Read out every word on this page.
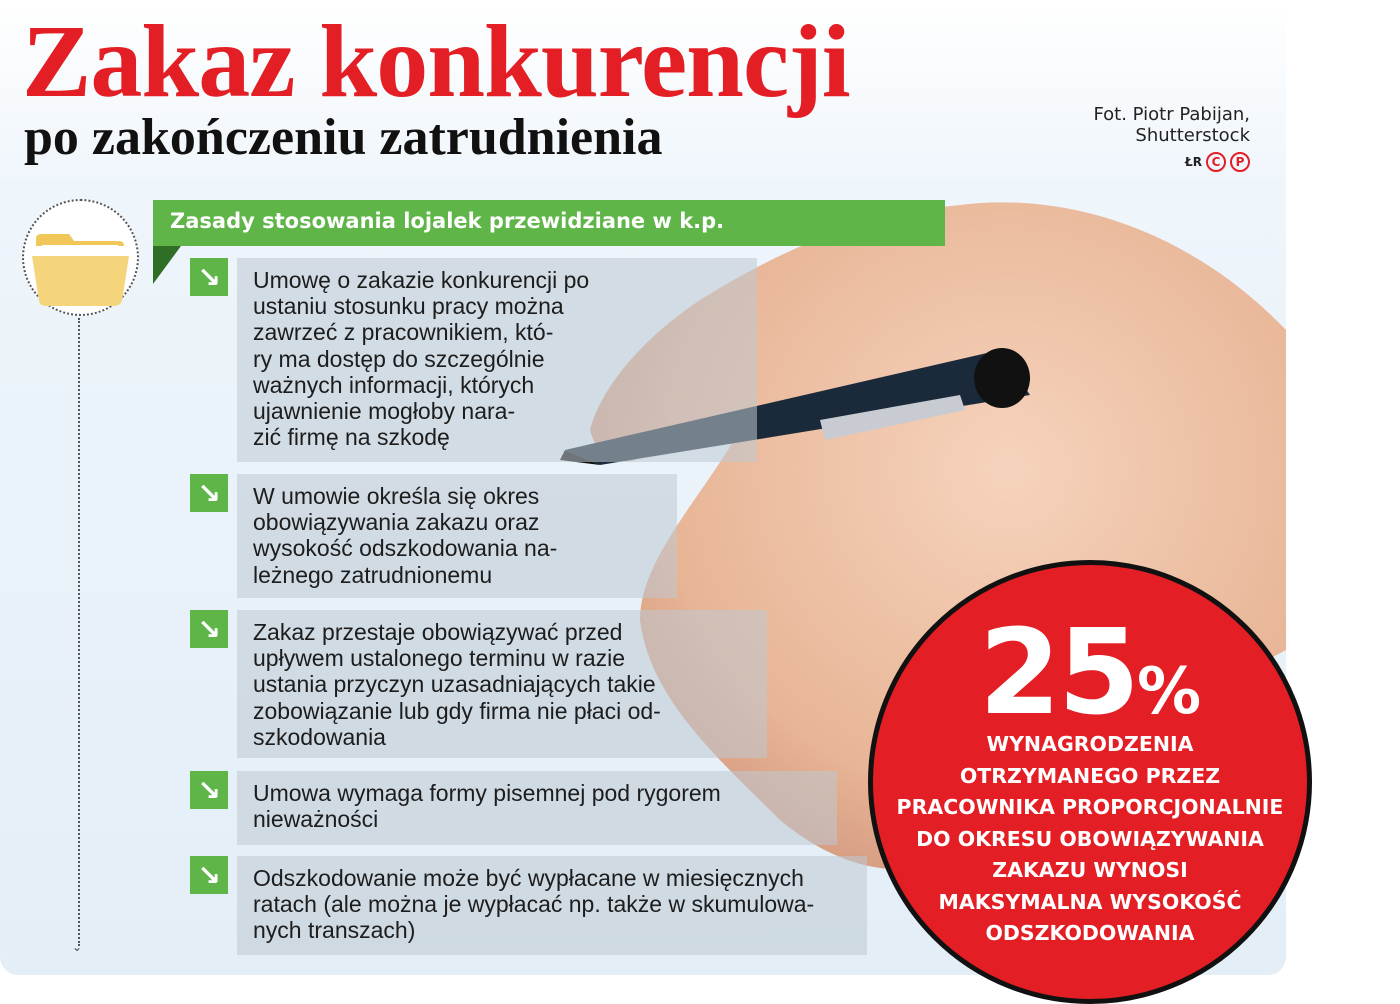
Zakaz konkurencji
po zakończeniu zatrudnienia	Fot. Piotr Pabijan,
Shutterstock
ŁR C	P
⌄
Zasady stosowania lojalek przewidziane w k.p.
↘	Umowę o zakazie konkurencji po
ustaniu stosunku pracy można
zawrzeć z pracownikiem, któ-
ry ma dostęp do szczególnie
ważnych informacji, których
ujawnienie mogłoby nara-
zić firmę na szkodę
↘	W umowie określa się okres
obowiązywania zakazu oraz
wysokość odszkodowania na-
leżnego zatrudnionemu
↘	Zakaz przestaje obowiązywać przed
upływem ustalonego terminu w razie
ustania przyczyn uzasadniających takie
zobowiązanie lub gdy firma nie płaci od-
szkodowania
↘	Umowa wymaga formy pisemnej pod rygorem
nieważności
↘	Odszkodowanie może być wypłacane w miesięcznych
ratach (ale można je wypłacać np. także w skumulowa-
nych transzach)
25%
WYNAGRODZENIA
OTRZYMANEGO PRZEZ
PRACOWNIKA PROPORCJONALNIE
DO OKRESU OBOWIĄZYWANIA
ZAKAZU WYNOSI
MAKSYMALNA WYSOKOŚĆ
ODSZKODOWANIA
